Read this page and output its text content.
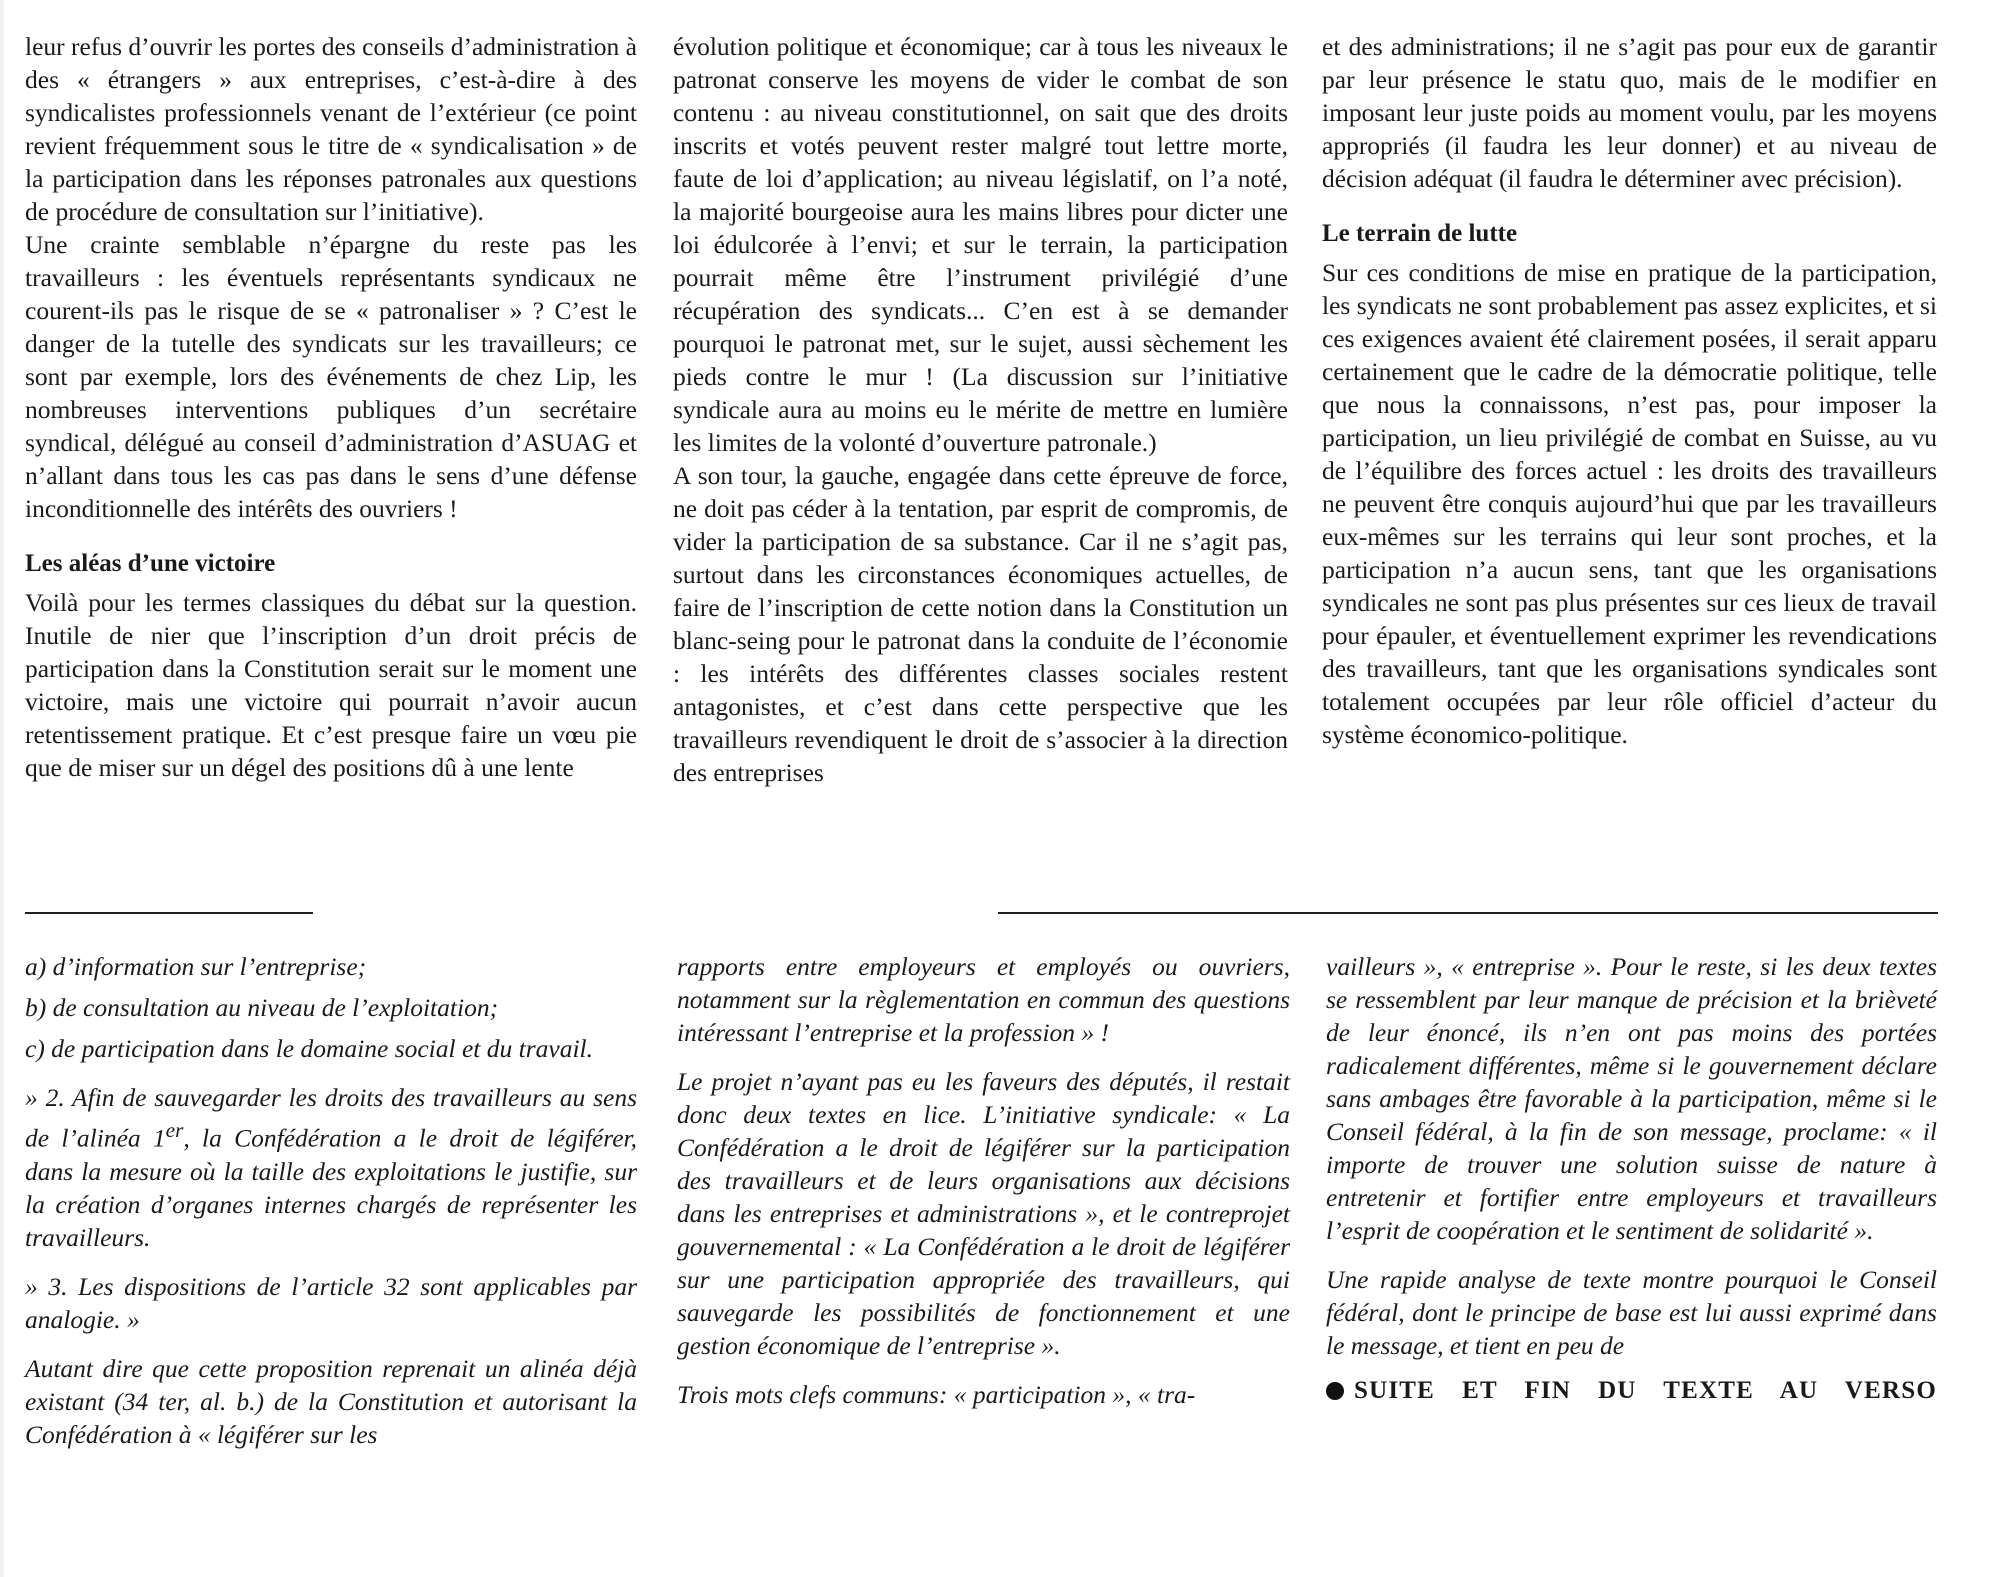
leur refus d’ouvrir les portes des conseils d’administration à des « étrangers » aux entreprises, c’est-à-dire à des syndicalistes professionnels venant de l’extérieur (ce point revient fréquemment sous le titre de « syndicalisation » de la participation dans les réponses patronales aux questions de procédure de consultation sur l’initiative).

Une crainte semblable n’épargne du reste pas les travailleurs : les éventuels représentants syndicaux ne courent-ils pas le risque de se « patronaliser » ? C’est le danger de la tutelle des syndicats sur les travailleurs; ce sont par exemple, lors des événements de chez Lip, les nombreuses interventions publiques d’un secrétaire syndical, délégué au conseil d’administration d’ASUAG et n’allant dans tous les cas pas dans le sens d’une défense inconditionnelle des intérêts des ouvriers !

Les aléas d’une victoire

Voilà pour les termes classiques du débat sur la question. Inutile de nier que l’inscription d’un droit précis de participation dans la Constitution serait sur le moment une victoire, mais une victoire qui pourrait n’avoir aucun retentissement pratique. Et c’est presque faire un vœu pie que de miser sur un dégel des positions dû à une lente

évolution politique et économique; car à tous les niveaux le patronat conserve les moyens de vider le combat de son contenu : au niveau constitutionnel, on sait que des droits inscrits et votés peuvent rester malgré tout lettre morte, faute de loi d’application; au niveau législatif, on l’a noté, la majorité bourgeoise aura les mains libres pour dicter une loi édulcorée à l’envi; et sur le terrain, la participation pourrait même être l’instrument privilégié d’une récupération des syndicats... C’en est à se demander pourquoi le patronat met, sur le sujet, aussi sèchement les pieds contre le mur ! (La discussion sur l’initiative syndicale aura au moins eu le mérite de mettre en lumière les limites de la volonté d’ouverture patronale.)

A son tour, la gauche, engagée dans cette épreuve de force, ne doit pas céder à la tentation, par esprit de compromis, de vider la participation de sa substance. Car il ne s’agit pas, surtout dans les circonstances économiques actuelles, de faire de l’inscription de cette notion dans la Constitution un blanc-seing pour le patronat dans la conduite de l’économie : les intérêts des différentes classes sociales restent antagonistes, et c’est dans cette perspective que les travailleurs revendiquent le droit de s’associer à la direction des entreprises

et des administrations; il ne s’agit pas pour eux de garantir par leur présence le statu quo, mais de le modifier en imposant leur juste poids au moment voulu, par les moyens appropriés (il faudra les leur donner) et au niveau de décision adéquat (il faudra le déterminer avec précision).

Le terrain de lutte

Sur ces conditions de mise en pratique de la participation, les syndicats ne sont probablement pas assez explicites, et si ces exigences avaient été clairement posées, il serait apparu certainement que le cadre de la démocratie politique, telle que nous la connaissons, n’est pas, pour imposer la participation, un lieu privilégié de combat en Suisse, au vu de l’équilibre des forces actuel : les droits des travailleurs ne peuvent être conquis aujourd’hui que par les travailleurs eux-mêmes sur les terrains qui leur sont proches, et la participation n’a aucun sens, tant que les organisations syndicales ne sont pas plus présentes sur ces lieux de travail pour épauler, et éventuellement exprimer les revendications des travailleurs, tant que les organisations syndicales sont totalement occupées par leur rôle officiel d’acteur du système économico-politique.

a) d’information sur l’entreprise;

b) de consultation au niveau de l’exploitation;

c) de participation dans le domaine social et du travail.

» 2. Afin de sauvegarder les droits des travailleurs au sens de l’alinéa 1er, la Confédération a le droit de légiférer, dans la mesure où la taille des exploitations le justifie, sur la création d’organes internes chargés de représenter les travailleurs.

» 3. Les dispositions de l’article 32 sont applicables par analogie. »

Autant dire que cette proposition reprenait un alinéa déjà existant (34 ter, al. b.) de la Constitution et autorisant la Confédération à « légiférer sur les

rapports entre employeurs et employés ou ouvriers, notamment sur la règlementation en commun des questions intéressant l’entreprise et la profession » !

Le projet n’ayant pas eu les faveurs des députés, il restait donc deux textes en lice. L’initiative syndicale: « La Confédération a le droit de légiférer sur la participation des travailleurs et de leurs organisations aux décisions dans les entreprises et administrations », et le contreprojet gouvernemental : « La Confédération a le droit de légiférer sur une participation appropriée des travailleurs, qui sauvegarde les possibilités de fonctionnement et une gestion économique de l’entreprise ».

Trois mots clefs communs: « participation », « tra-

vailleurs », « entreprise ». Pour le reste, si les deux textes se ressemblent par leur manque de précision et la brièveté de leur énoncé, ils n’en ont pas moins des portées radicalement différentes, même si le gouvernement déclare sans ambages être favorable à la participation, même si le Conseil fédéral, à la fin de son message, proclame: « il importe de trouver une solution suisse de nature à entretenir et fortifier entre employeurs et travailleurs l’esprit de coopération et le sentiment de solidarité ».

Une rapide analyse de texte montre pourquoi le Conseil fédéral, dont le principe de base est lui aussi exprimé dans le message, et tient en peu de

SUITE ET FIN DU TEXTE AU VERSO
